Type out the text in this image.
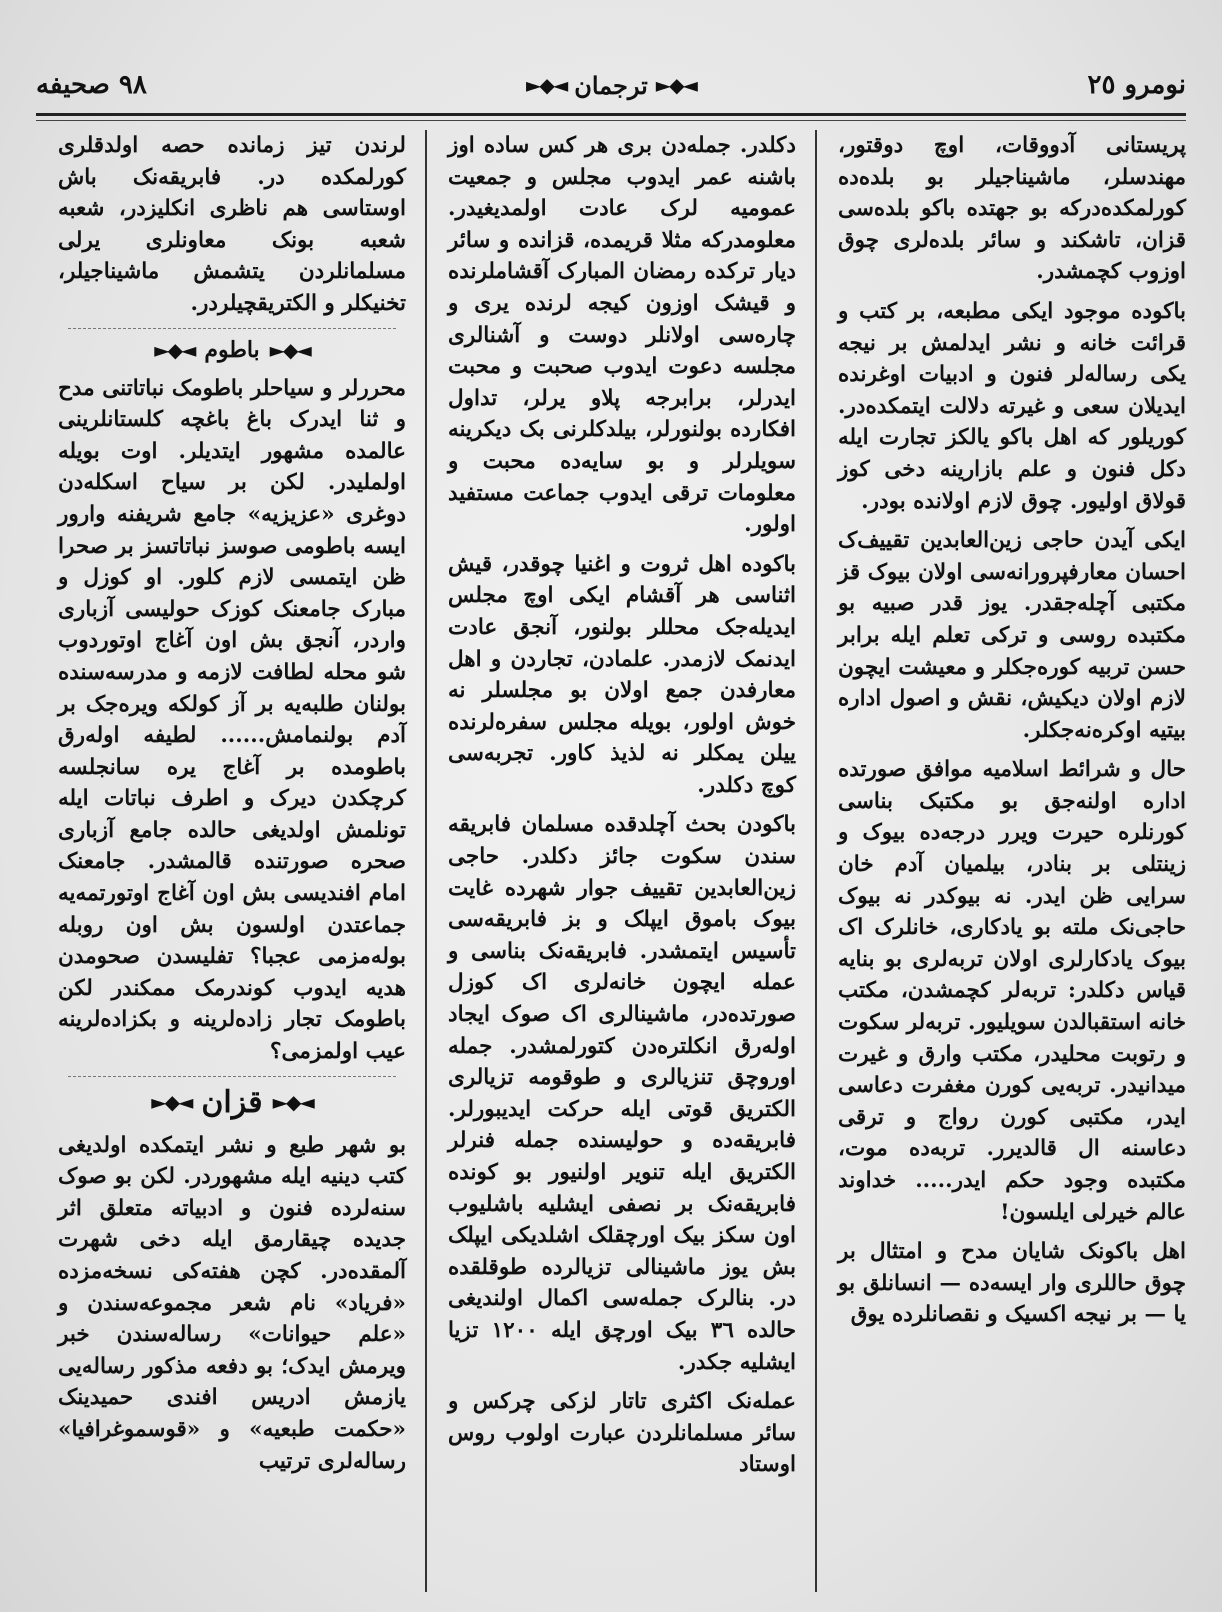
نومرو ۲٥
◄◆►
ترجمان
◄◆►
۹۸ صحیفه

پریستانی آدووقات، اوچ دوقتور، مهندسلر، ماشیناجیلر بو بلده‌ده کورلمکده‌درکه بو جهتده باکو بلده‌سی قزان، تاشکند و سائر بلده‌لری چوق اوزوب کچمشدر.

باکوده موجود ایکی مطبعه، بر کتب و قرائت خانه و نشر ایدلمش بر نیجه یکی رساله‌لر فنون و ادبیات اوغرنده ایدیلان سعی و غیرته دلالت ایتمکده‌در. کوریلور که اهل باکو یالکز تجارت ایله دکل فنون و علم بازارینه دخی کوز قولاق اولیور. چوق لازم اولانده بودر.

ایکی آیدن حاجی زین‌العابدین تقییف‌ک احسان معارفپرورانه‌سی اولان بیوک قز مکتبی آچله‌جقدر. یوز قدر صبیه بو مکتبده روسی و ترکی تعلم ایله برابر حسن تربیه کوره‌جکلر و معیشت ایچون لازم اولان دیکیش، نقش و اصول اداره بیتیه اوکره‌نه‌جکلر.

حال و شرائط اسلامیه موافق صورتده اداره اولنه‌جق بو مکتبک بناسی کورنلره حیرت ویرر درجه‌ده بیوک و زینتلی بر بنادر، بیلمیان آدم خان سرایی ظن ایدر. نه بیوکدر نه بیوک حاجی‌نک ملته بو یادکاری، خانلرک اک بیوک یادکارلری اولان تربه‌لری بو بنایه قیاس دکلدر: تربه‌لر کچمشدن، مکتب خانه استقبالدن سویلیور. تربه‌لر سکوت و رتوبت محلیدر، مکتب وارق و غیرت میدانیدر. تربه‌یی کورن مغفرت دعاسی ایدر، مکتبی کورن رواج و ترقی دعاسنه ال قالدیرر. تربه‌ده موت، مکتبده وجود حکم ایدر..... خداوند عالم خیرلی ایلسون!

اهل باکونک شایان مدح و امتثال بر چوق حاللری وار ایسه‌ده — انسانلق بو یا — بر نیجه اکسیک و نقصانلرده یوق

دکلدر. جمله‌دن بری هر کس ساده اوز باشنه عمر ایدوب مجلس و جمعیت عمومیه لرک عادت اولمدیغیدر. معلومدرکه مثلا قریمده، قزانده و سائر دیار ترکده رمضان المبارک آقشاملرنده و قیشک اوزون کیجه لرنده یری و چاره‌سی اولانلر دوست و آشنالری مجلسه دعوت ایدوب صحبت و محبت ایدرلر، برابرجه پلاو یرلر، تداول افکارده بولنورلر، بیلدکلرنی بک دیکرینه سویلرلر و بو سایه‌ده محبت و معلومات ترقی ایدوب جماعت مستفید اولور.

باکوده اهل ثروت و اغنیا چوقدر، قیش اثناسی هر آقشام ایکی اوچ مجلس ایدیله‌جک محللر بولنور، آنجق عادت ایدنمک لازمدر. علمادن، تجاردن و اهل معارفدن جمع اولان بو مجلسلر نه خوش اولور، بویله مجلس سفره‌لرنده ییلن یمکلر نه لذیذ کاور. تجربه‌سی کوچ دکلدر.

باکودن بحث آچلدقده مسلمان فابریقه سندن سکوت جائز دکلدر. حاجی زین‌العابدین تقییف جوار شهرده غایت بیوک باموق ایپلک و بز فابریقه‌سی تأسیس ایتمشدر. فابریقه‌نک بناسی و عمله ایچون خانه‌لری اک کوزل صورتده‌در، ماشینالری اک صوک ایجاد اوله‌رق انکلتره‌دن کتورلمشدر. جمله اوروچق تنزیالری و طوقومه تزیالری الکتریق قوتی ایله حرکت ایدیبورلر. فابریقه‌ده و حولیسنده جمله فنرلر الکتریق ایله تنویر اولنیور بو کونده فابریقه‌نک بر نصفی ایشلیه باشلیوب اون سکز بیک اورچقلک اشلدیکی ایپلک بش یوز ماشینالی تزیالرده طوقلقده در. بنالرک جمله‌سی اکمال اولندیغی حالده ۳٦ بیک اورچق ایله ۱۲۰۰ تزیا ایشلیه جکدر.

عمله‌نک اکثری تاتار لزکی چرکس و سائر مسلمانلردن عبارت اولوب روس اوستاد

لرندن تیز زمانده حصه اولدقلری کورلمکده در. فابریقه‌نک باش اوستاسی هم ناظری انکلیزدر، شعبه شعبه بونک معاونلری یرلی مسلمانلردن یتشمش ماشیناجیلر، تخنیکلر و الکتریقچیلردر.

◄◆►
باطوم
◄◆►

محررلر و سیاحلر باطومک نباتاتنی مدح و ثنا ایدرک باغ باغچه کلستانلرینی عالمده مشهور ایتدیلر. اوت بویله اولملیدر. لکن بر سیاح اسکله‌دن دوغری «عزیزیه» جامع شریفنه وارور ایسه باطومی صوسز نباتاتسز بر صحرا ظن ایتمسی لازم کلور. او کوزل و مبارک جامعنک کوزک حولیسی آزباری واردر، آنجق بش اون آغاج اوتوردوب شو محله لطافت لازمه و مدرسه‌سنده بولنان طلبه‌یه بر آز کولکه ویره‌جک بر آدم بولنمامش...... لطیفه اوله‌رق باطومده بر آغاج یره سانجلسه کرچکدن دیرک و اطرف نباتات ایله تونلمش اولدیغی حالده جامع آزباری صحره صورتنده قالمشدر. جامعنک امام افندیسی بش اون آغاج اوتورتمه‌یه جماعتدن اولسون بش اون روبله بوله‌مزمی عجبا؟ تفلیسدن صحومدن هدیه ایدوب کوندرمک ممکندر لکن باطومک تجار زاده‌لرینه و بکزاده‌لرینه عیب اولمزمی؟

◄◆►
قزان
◄◆►

بو شهر طبع و نشر ایتمکده اولدیغی کتب دینیه ایله مشهوردر. لکن بو صوک سنه‌لرده فنون و ادبیاته متعلق اثر جدیده چیقارمق ایله دخی شهرت آلمقده‌در. کچن هفته‌کی نسخه‌مزده «فریاد» نام شعر مجموعه‌سندن و «علم حیوانات» رساله‌سندن خبر ویرمش ایدک؛ بو دفعه مذکور رساله‌یی یازمش ادریس افندی حمیدینک «حکمت طبعیه» و «قوسموغرافیا» رساله‌لری ترتیب
